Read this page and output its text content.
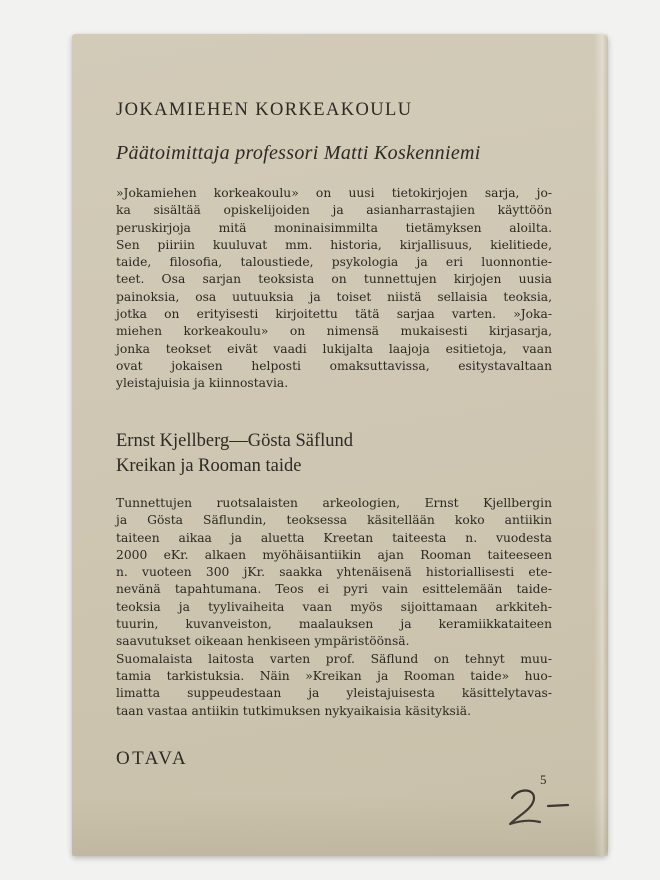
JOKAMIEHEN KORKEAKOULU
Päätoimittaja professori Matti Koskenniemi
»Jokamiehen korkeakoulu» on uusi tietokirjojen sarja, jo-
ka sisältää opiskelijoiden ja asianharrastajien käyttöön
peruskirjoja mitä moninaisimmilta tietämyksen aloilta.
Sen piiriin kuuluvat mm. historia, kirjallisuus, kielitiede,
taide, filosofia, taloustiede, psykologia ja eri luonnontie-
teet. Osa sarjan teoksista on tunnettujen kirjojen uusia
painoksia, osa uutuuksia ja toiset niistä sellaisia teoksia,
jotka on erityisesti kirjoitettu tätä sarjaa varten. »Joka-
miehen korkeakoulu» on nimensä mukaisesti kirjasarja,
jonka teokset eivät vaadi lukijalta laajoja esitietoja, vaan
ovat jokaisen helposti omaksuttavissa, esitystavaltaan
yleistajuisia ja kiinnostavia.
Ernst Kjellberg—Gösta Säflund
Kreikan ja Rooman taide
Tunnettujen ruotsalaisten arkeologien, Ernst Kjellbergin
ja Gösta Säflundin, teoksessa käsitellään koko antiikin
taiteen aikaa ja aluetta Kreetan taiteesta n. vuodesta
2000 eKr. alkaen myöhäisantiikin ajan Rooman taiteeseen
n. vuoteen 300 jKr. saakka yhtenäisenä historiallisesti ete-
nevänä tapahtumana. Teos ei pyri vain esittelemään taide-
teoksia ja tyylivaiheita vaan myös sijoittamaan arkkiteh-
tuurin, kuvanveiston, maalauksen ja keramiikkataiteen
saavutukset oikeaan henkiseen ympäristöönsä.
Suomalaista laitosta varten prof. Säflund on tehnyt muu-
tamia tarkistuksia. Näin »Kreikan ja Rooman taide» huo-
limatta suppeudestaan ja yleistajuisesta käsittelytavas-
taan vastaa antiikin tutkimuksen nykyaikaisia käsityksiä.
OTAVA
5
